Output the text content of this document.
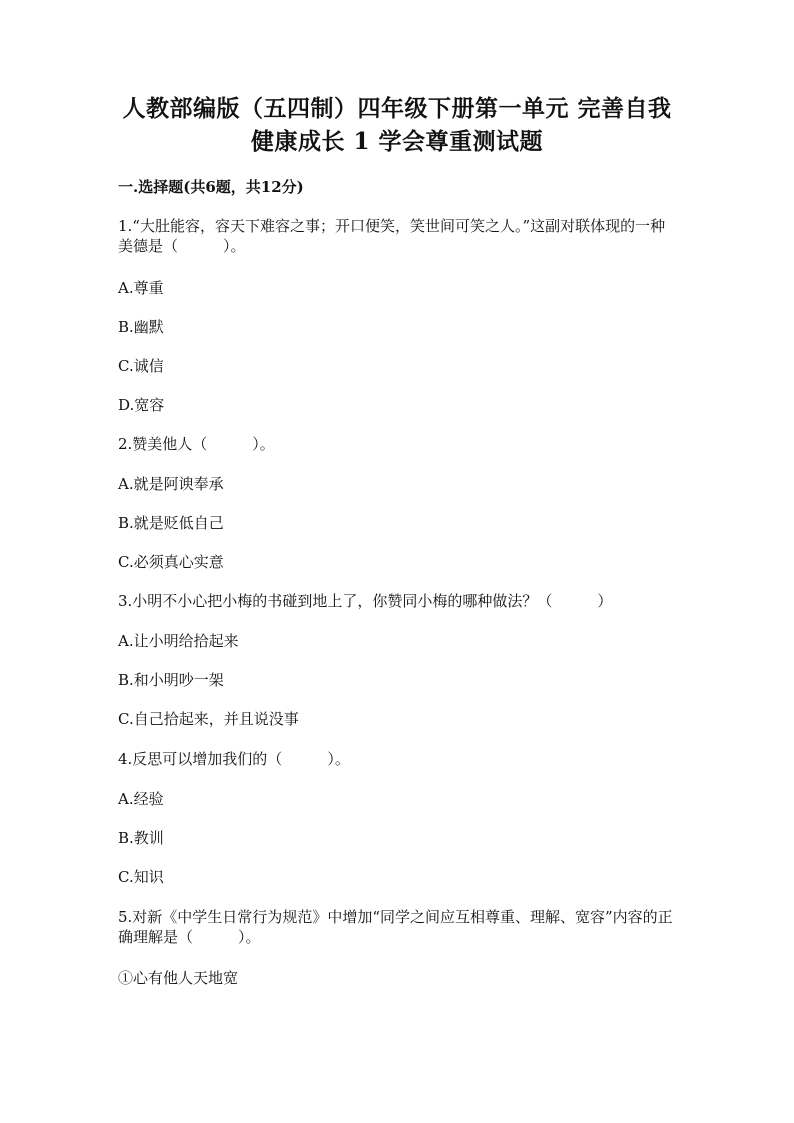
人教部编版（五四制）四年级下册第一单元 完善自我 健康成长 1 学会尊重测试题
一.选择题(共6题，共12分)
1.“大肚能容，容天下难容之事；开口便笑，笑世间可笑之人。”这副对联体现的一种美德是（　　　）。
A.尊重
B.幽默
C.诚信
D.宽容
2.赞美他人（　　　）。
A.就是阿谀奉承
B.就是贬低自己
C.必须真心实意
3.小明不小心把小梅的书碰到地上了，你赞同小梅的哪种做法？（　　　）
A.让小明给拾起来
B.和小明吵一架
C.自己拾起来，并且说没事
4.反思可以增加我们的（　　　）。
A.经验
B.教训
C.知识
5.对新《中学生日常行为规范》中增加“同学之间应互相尊重、理解、宽容”内容的正确理解是（　　　）。
①心有他人天地宽
